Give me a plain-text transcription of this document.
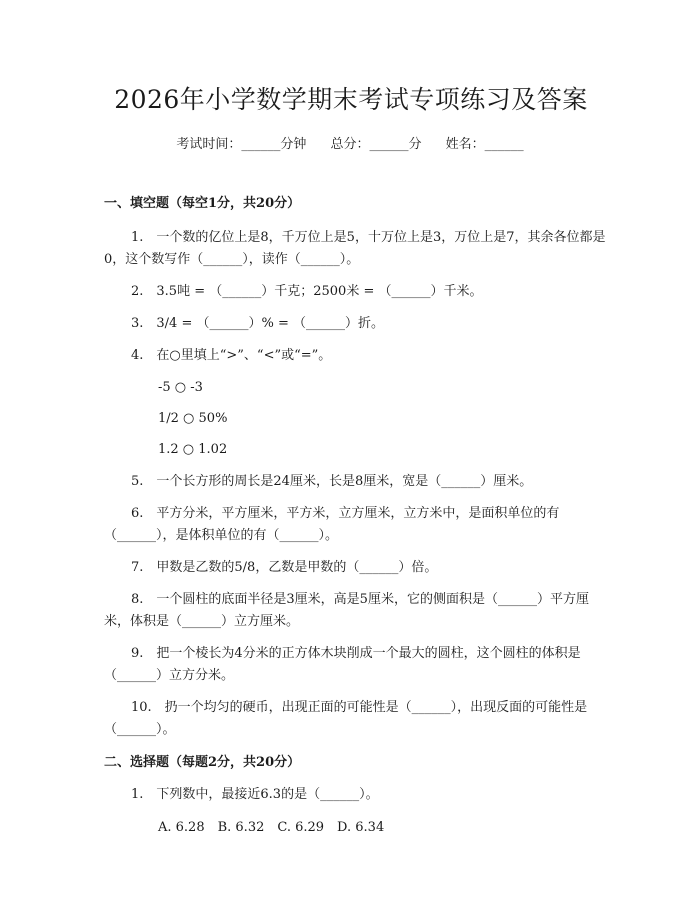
2026年小学数学期末考试专项练习及答案
考试时间：______分钟 总分：______分 姓名：______
一、填空题（每空1分，共20分）
1.　一个数的亿位上是8，千万位上是5，十万位上是3，万位上是7，其余各位都是0，这个数写作（______），读作（______）。
2.　3.5吨 = （______）千克；2500米 = （______）千米。
3.　3/4 = （______）% = （______）折。
4.　在○里填上“>”、“<”或“=”。
-5 ○ -3
1/2 ○ 50%
1.2 ○ 1.02
5.　一个长方形的周长是24厘米，长是8厘米，宽是（______）厘米。
6.　平方分米，平方厘米，平方米，立方厘米，立方米中，是面积单位的有（______），是体积单位的有（______）。
7.　甲数是乙数的5/8，乙数是甲数的（______）倍。
8.　一个圆柱的底面半径是3厘米，高是5厘米，它的侧面积是（______）平方厘米，体积是（______）立方厘米。
9.　把一个棱长为4分米的正方体木块削成一个最大的圆柱，这个圆柱的体积是（______）立方分米。
10.　扔一个均匀的硬币，出现正面的可能性是（______），出现反面的可能性是（______）。
二、选择题（每题2分，共20分）
1.　下列数中，最接近6.3的是（______）。
A. 6.28　B. 6.32　C. 6.29　D. 6.34
